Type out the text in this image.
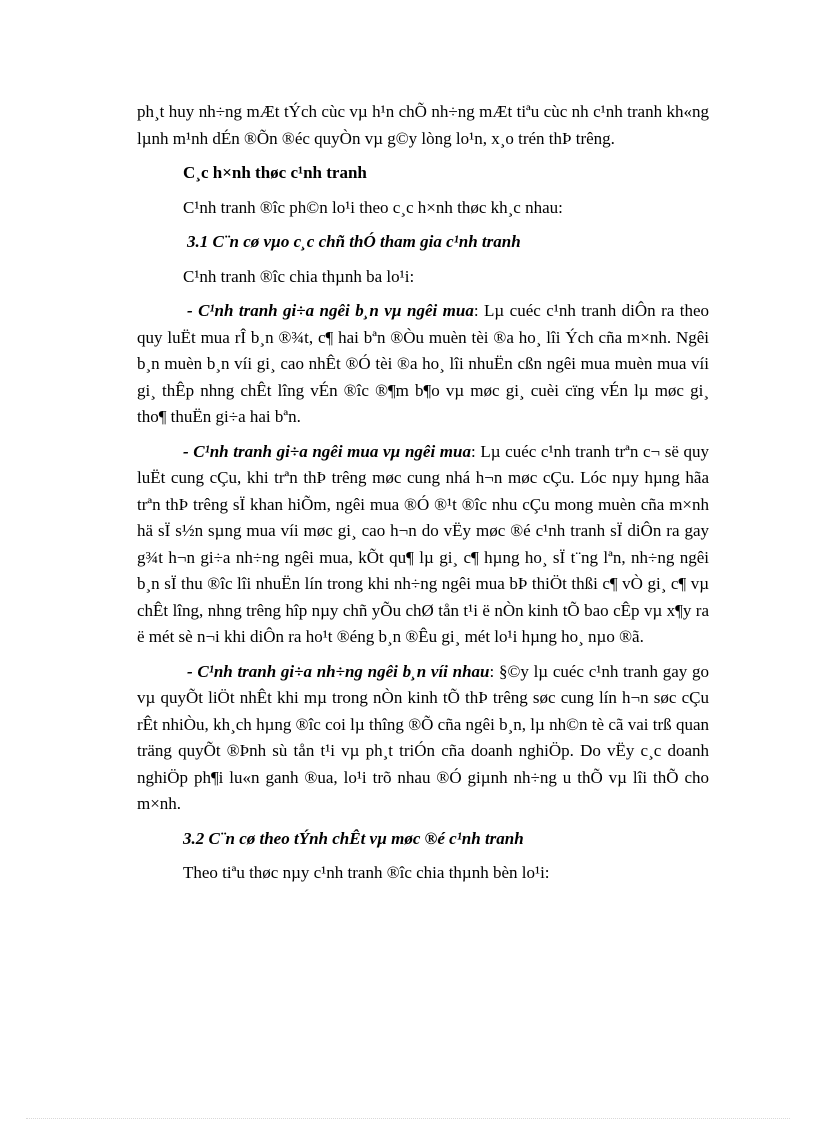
ph¸t huy nh÷ng mÆt tÝch cùc vµ h¹n chÕ nh÷ng mÆt tiªu cùc nh c¹nh tranh kh«ng lµnh m¹nh dÉn ®Õn ®éc quyÒn vµ g©y lòng lo¹n, x¸o trén thÞ trêng.

C¸c h×nh thøc c¹nh tranh

C¹nh tranh ®îc ph©n lo¹i theo c¸c h×nh thøc kh¸c nhau:

3.1 C¨n cø vµo c¸c chñ thÓ tham gia c¹nh tranh

C¹nh tranh ®îc chia thµnh ba lo¹i:

- C¹nh tranh gi÷a ngêi b¸n vµ ngêi mua: Lµ cuéc c¹nh tranh diÔn ra theo quy luËt mua rÎ b¸n ®¾t, c¶ hai bªn ®Òu muèn tèi ®a ho¸ lîi Ých cña m×nh. Ngêi b¸n muèn b¸n víi gi¸ cao nhÊt ®Ó tèi ®a ho¸ lîi nhuËn cßn ngêi mua muèn mua víi gi¸ thÊp nhng chÊt lîng vÉn ®îc ®¶m b¶o vµ møc gi¸ cuèi cïng vÉn lµ møc gi¸ tho¶ thuËn gi÷a hai bªn.

- C¹nh tranh gi÷a ngêi mua vµ ngêi mua: Lµ cuéc c¹nh tranh trªn c¬ së quy luËt cung cÇu, khi trªn thÞ trêng møc cung nhá h¬n møc cÇu. Lóc nµy hµng hãa trªn thÞ trêng sÏ khan hiÕm, ngêi mua ®Ó ®¹t ®îc nhu cÇu mong muèn cña m×nh hä sÏ s½n sµng mua víi møc gi¸ cao h¬n do vËy møc ®é c¹nh tranh sÏ diÔn ra gay g¾t h¬n gi÷a nh÷ng ngêi mua, kÕt qu¶ lµ gi¸ c¶ hµng ho¸ sÏ t¨ng lªn, nh÷ng ngêi b¸n sÏ thu ®îc lîi nhuËn lín trong khi nh÷ng ngêi mua bÞ thiÖt thßi c¶ vÒ gi¸ c¶ vµ chÊt lîng, nhng trêng hîp nµy chñ yÕu chØ tån t¹i ë nÒn kinh tÕ bao cÊp vµ x¶y ra ë mét sè n¬i khi diÔn ra ho¹t ®éng b¸n ®Êu gi¸ mét lo¹i hµng ho¸ nµo ®ã.

- C¹nh tranh gi÷a nh÷ng ngêi b¸n víi nhau: §©y lµ cuéc c¹nh tranh gay go vµ quyÕt liÖt nhÊt khi mµ trong nÒn kinh tÕ thÞ trêng søc cung lín h¬n søc cÇu rÊt nhiÒu, kh¸ch hµng ®îc coi lµ thîng ®Õ cña ngêi b¸n, lµ nh©n tè cã vai trß quan träng quyÕt ®Þnh sù tån t¹i vµ ph¸t triÓn cña doanh nghiÖp. Do vËy c¸c doanh nghiÖp ph¶i lu«n ganh ®ua, lo¹i trõ nhau ®Ó giµnh nh÷ng u thÕ vµ lîi thÕ cho m×nh.

3.2 C¨n cø theo tÝnh chÊt vµ møc ®é c¹nh tranh

Theo tiªu thøc nµy c¹nh tranh ®îc chia thµnh bèn lo¹i:
